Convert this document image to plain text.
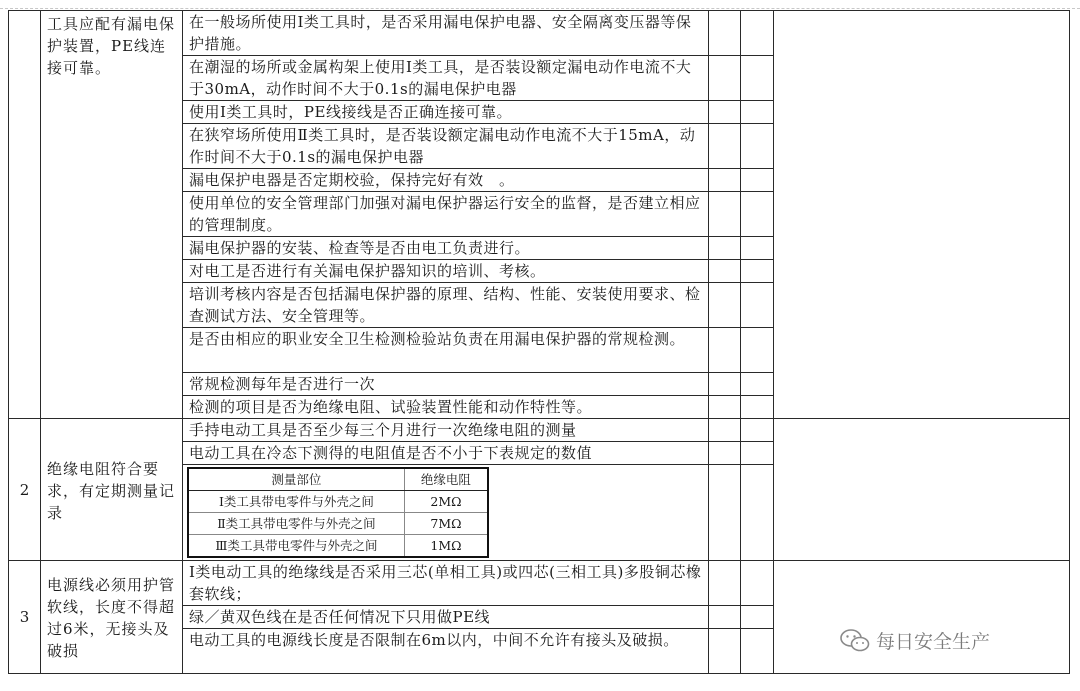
	工具应配有漏电保护装置，PE线连接可靠。	在一般场所使用Ⅰ类工具时，是否采用漏电保护电器、安全隔离变压器等保护措施。			
在潮湿的场所或金属构架上使用Ⅰ类工具，是否装设额定漏电动作电流不大于30mA，动作时间不大于0.1s的漏电保护电器		
使用Ⅰ类工具时，PE线接线是否正确连接可靠。		
在狭窄场所使用Ⅱ类工具时，是否装设额定漏电动作电流不大于15mA，动作时间不大于0.1s的漏电保护电器		
漏电保护电器是否定期校验，保持完好有效　。		
使用单位的安全管理部门加强对漏电保护器运行安全的监督，是否建立相应的管理制度。		
漏电保护器的安装、检查等是否由电工负责进行。		
对电工是否进行有关漏电保护器知识的培训、考核。		
培训考核内容是否包括漏电保护器的原理、结构、性能、安装使用要求、检查测试方法、安全管理等。		
是否由相应的职业安全卫生检测检验站负责在用漏电保护器的常规检测。		
常规检测每年是否进行一次		
检测的项目是否为绝缘电阻、试验装置性能和动作特性等。		
2	绝缘电阻符合要求，有定期测量记录	手持电动工具是否至少每三个月进行一次绝缘电阻的测量			
电动工具在冷态下测得的电阻值是否不小于下表规定的数值		

测量部位	绝缘电阻
Ⅰ类工具带电零件与外壳之间	2MΩ
Ⅱ类工具带电零件与外壳之间	7MΩ
Ⅲ类工具带电零件与外壳之间	1MΩ

3	电源线必须用护管软线，长度不得超过6米，无接头及破损	Ⅰ类电动工具的绝缘线是否采用三芯(单相工具)或四芯(三相工具)多股铜芯橡套软线；			
绿／黄双色线在是否任何情况下只用做PE线		
电动工具的电源线长度是否限制在6m以内，中间不允许有接头及破损。			每日安全生产
